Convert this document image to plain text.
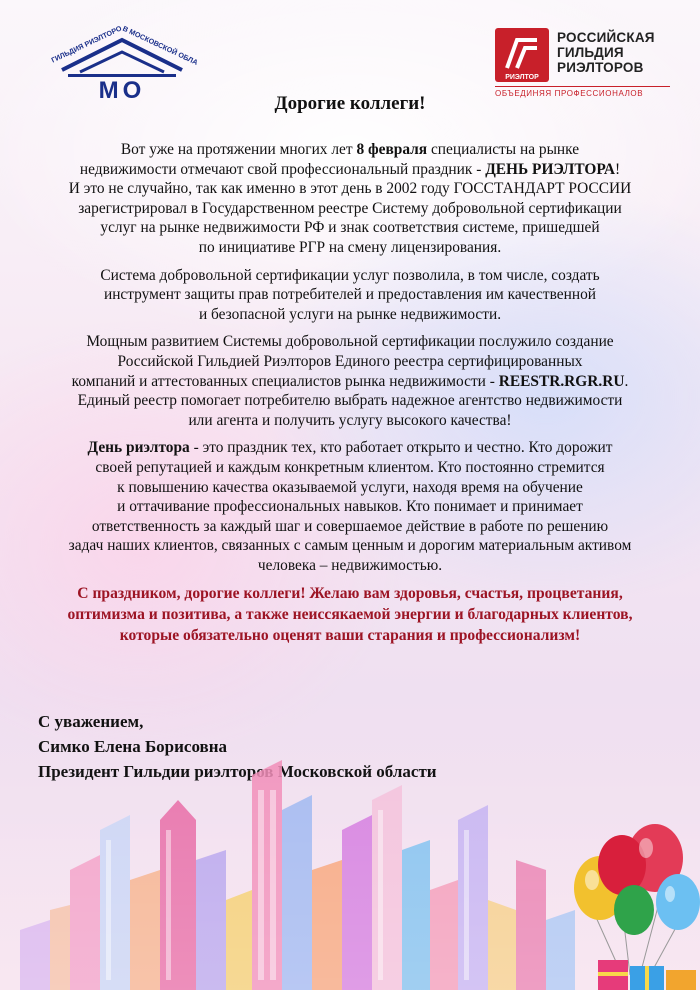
ГИЛЬДИЯ РИЭЛТОРОВ МОСКОВСКОЙ ОБЛА
МО	РИЭЛТОР
РОССИЙСКАЯ
ГИЛЬДИЯ
РИЭЛТОРОВ
ОБЪЕДИНЯЯ ПРОФЕССИОНАЛОВ
Дорогие коллеги!
Вот уже на протяжении многих лет 8 февраля специалисты на рынке
недвижимости отмечают свой профессиональный праздник - ДЕНЬ РИЭЛТОРА!
И это не случайно, так как именно в этот день в 2002 году ГОССТАНДАРТ РОССИИ
зарегистрировал в Государственном реестре Систему добровольной сертификации
услуг на рынке недвижимости РФ и знак соответствия системе, пришедшей
по инициативе РГР на смену лицензирования.
Система добровольной сертификации услуг позволила, в том числе, создать
инструмент защиты прав потребителей и предоставления им качественной
и безопасной услуги на рынке недвижимости.
Мощным развитием Системы добровольной сертификации послужило создание
Российской Гильдией Риэлторов Единого реестра сертифицированных
компаний и аттестованных специалистов рынка недвижимости - REESTR.RGR.RU.
Единый реестр помогает потребителю выбрать надежное агентство недвижимости
или агента и получить услугу высокого качества!
День риэлтора - это праздник тех, кто работает открыто и честно. Кто дорожит
своей репутацией и каждым конкретным клиентом. Кто постоянно стремится
к повышению качества оказываемой услуги, находя время на обучение
и оттачивание профессиональных навыков. Кто понимает и принимает
ответственность за каждый шаг и совершаемое действие в работе по решению
задач наших клиентов, связанных с самым ценным и дорогим материальным активом
человека – недвижимостью.
С праздником, дорогие коллеги! Желаю вам здоровья, счастья, процветания,
оптимизма и позитива, а также неиссякаемой энергии и благодарных клиентов,
которые обязательно оценят ваши старания и профессионализм!
С уважением,
Симко Елена Борисовна
